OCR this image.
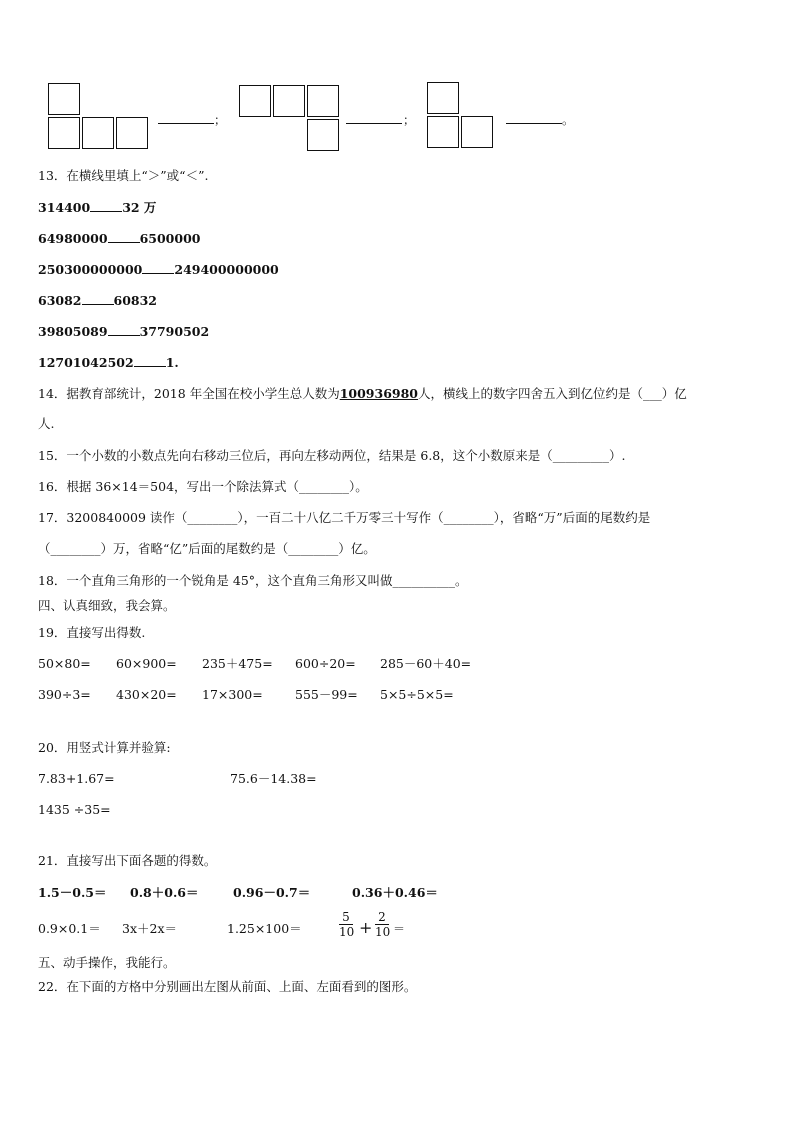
；	；	。
13．在横线里填上“＞”或“＜”.
314400	32 万
64980000	6500000
250300000000	249400000000
63082	60832
39805089	37790502
12701042502	1.
14．据教育部统计，2018 年全国在校小学生总人数为100936980人，横线上的数字四舍五入到亿位约是（___）亿
人.
15．一个小数的小数点先向右移动三位后，再向左移动两位，结果是 6.8，这个小数原来是（_________）.
16．根据 36×14＝504，写出一个除法算式（________）。
17．3200840009 读作（________），一百二十八亿二千万零三十写作（________），省略“万”后面的尾数约是
（________）万，省略“亿”后面的尾数约是（________）亿。
18．一个直角三角形的一个锐角是 45°，这个直角三角形又叫做__________。
四、认真细致，我会算。
19．直接写出得数.
50×80= 60×900= 235＋475= 600÷20= 285－60＋40=
390÷3= 430×20= 17×300=	555－99= 5×5÷5×5=
20．用竖式计算并验算:
7.83+1.67=	75.6－14.38=
1435 ÷35=
21．直接写出下面各题的得数。
1.5－0.5＝ 0.8＋0.6＝	0.96－0.7＝	0.36＋0.46＝
0.9×0.1＝ 3x＋2x＝	1.25×100＝	$\frac{5}{10} + \frac{2}{10}$ ＝
五、动手操作，我能行。
22．在下面的方格中分别画出左图从前面、上面、左面看到的图形。
